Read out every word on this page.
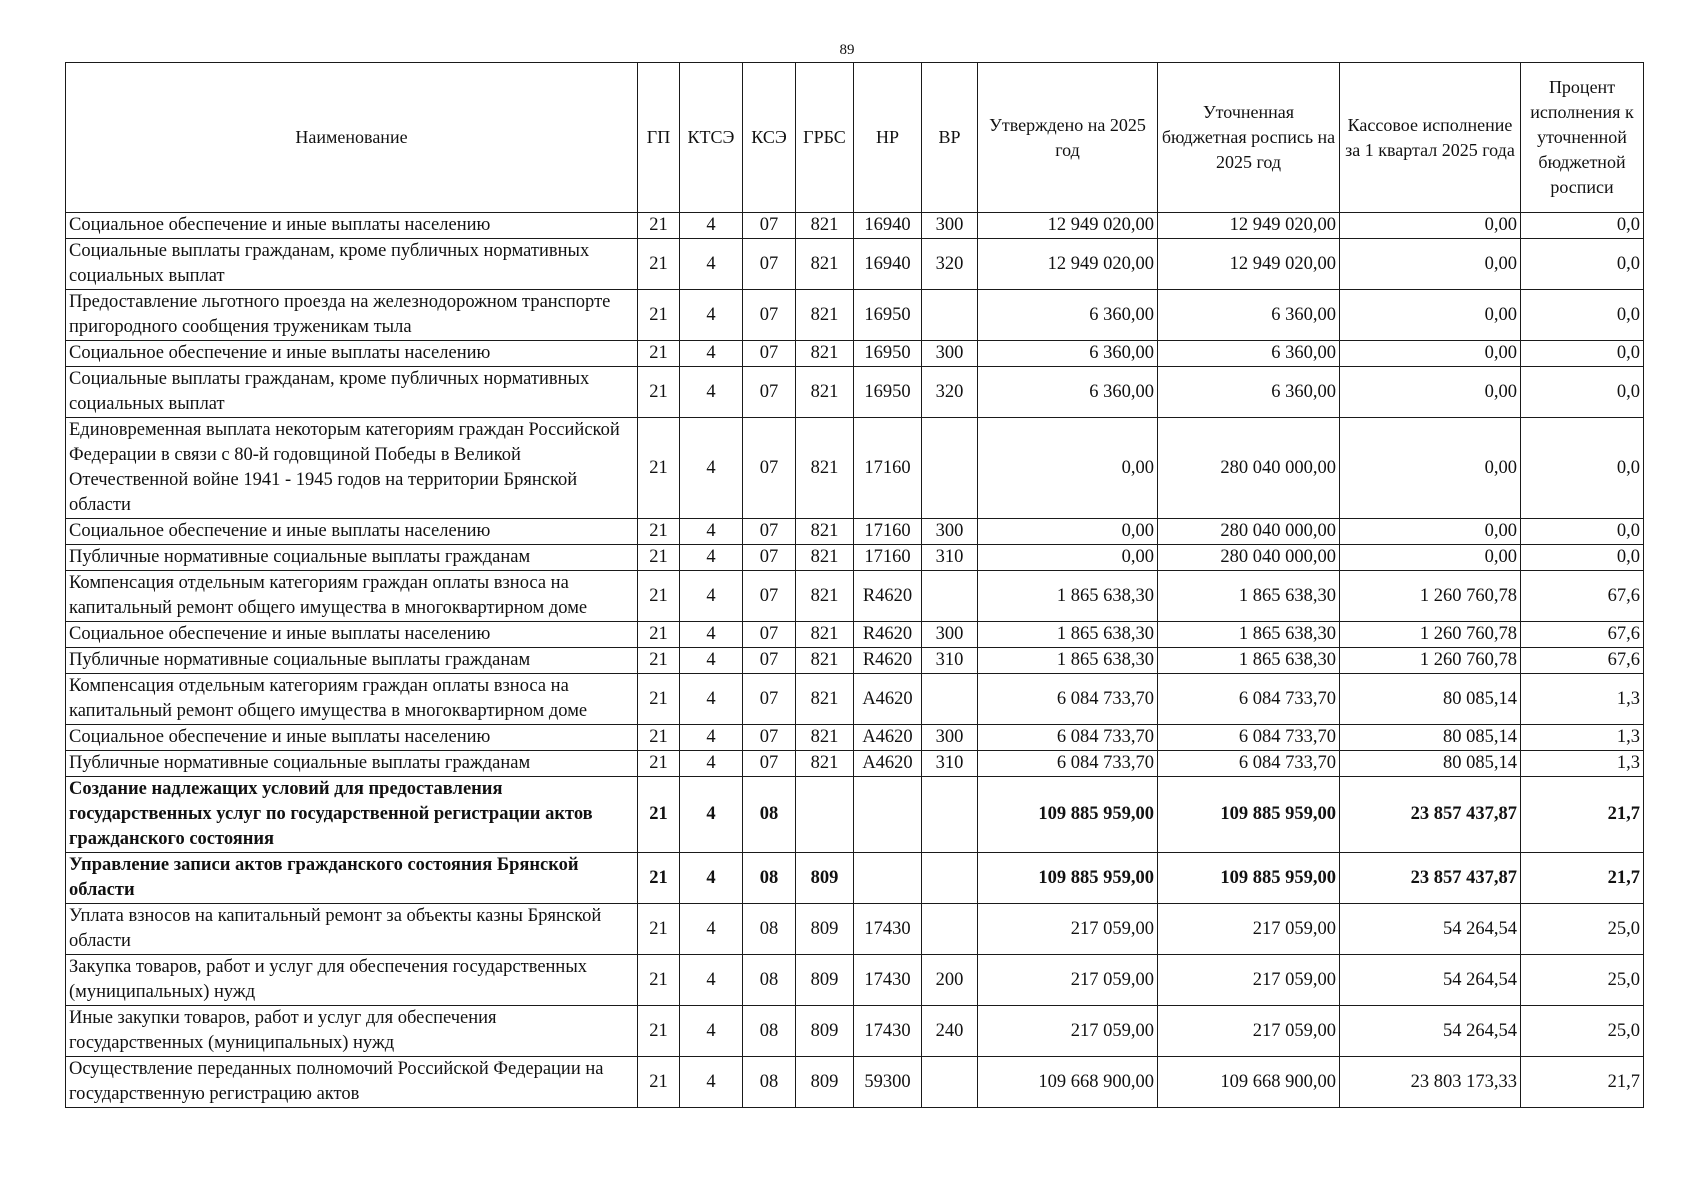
89
Наименование	ГП	КТСЭ	КСЭ	ГРБС	НР	ВР	Утверждено на 2025 год	Уточненная бюджетная роспись на 2025 год	Кассовое исполнение за 1 квартал 2025 года	Процент исполнения к уточненной бюджетной росписи
Социальное обеспечение и иные выплаты населению	21	4	07	821	16940	300	12 949 020,00	12 949 020,00	0,00	0,0
Социальные выплаты гражданам, кроме публичных нормативных социальных выплат	21	4	07	821	16940	320	12 949 020,00	12 949 020,00	0,00	0,0
Предоставление льготного проезда на железнодорожном транспорте пригородного сообщения труженикам тыла	21	4	07	821	16950		6 360,00	6 360,00	0,00	0,0
Социальное обеспечение и иные выплаты населению	21	4	07	821	16950	300	6 360,00	6 360,00	0,00	0,0
Социальные выплаты гражданам, кроме публичных нормативных социальных выплат	21	4	07	821	16950	320	6 360,00	6 360,00	0,00	0,0
Единовременная выплата некоторым категориям граждан Российской Федерации в связи с 80-й годовщиной Победы в Великой Отечественной войне 1941 - 1945 годов на территории Брянской области	21	4	07	821	17160		0,00	280 040 000,00	0,00	0,0
Социальное обеспечение и иные выплаты населению	21	4	07	821	17160	300	0,00	280 040 000,00	0,00	0,0
Публичные нормативные социальные выплаты гражданам	21	4	07	821	17160	310	0,00	280 040 000,00	0,00	0,0
Компенсация отдельным категориям граждан оплаты взноса на капитальный ремонт общего имущества в многоквартирном доме	21	4	07	821	R4620		1 865 638,30	1 865 638,30	1 260 760,78	67,6
Социальное обеспечение и иные выплаты населению	21	4	07	821	R4620	300	1 865 638,30	1 865 638,30	1 260 760,78	67,6
Публичные нормативные социальные выплаты гражданам	21	4	07	821	R4620	310	1 865 638,30	1 865 638,30	1 260 760,78	67,6
Компенсация отдельным категориям граждан оплаты взноса на капитальный ремонт общего имущества в многоквартирном доме	21	4	07	821	А4620		6 084 733,70	6 084 733,70	80 085,14	1,3
Социальное обеспечение и иные выплаты населению	21	4	07	821	А4620	300	6 084 733,70	6 084 733,70	80 085,14	1,3
Публичные нормативные социальные выплаты гражданам	21	4	07	821	А4620	310	6 084 733,70	6 084 733,70	80 085,14	1,3
Создание надлежащих условий для предоставления государственных услуг по государственной регистрации актов гражданского состояния	21	4	08				109 885 959,00	109 885 959,00	23 857 437,87	21,7
Управление записи актов гражданского состояния Брянской области	21	4	08	809			109 885 959,00	109 885 959,00	23 857 437,87	21,7
Уплата взносов на капитальный ремонт за объекты казны Брянской области	21	4	08	809	17430		217 059,00	217 059,00	54 264,54	25,0
Закупка товаров, работ и услуг для обеспечения государственных (муниципальных) нужд	21	4	08	809	17430	200	217 059,00	217 059,00	54 264,54	25,0
Иные закупки товаров, работ и услуг для обеспечения государственных (муниципальных) нужд	21	4	08	809	17430	240	217 059,00	217 059,00	54 264,54	25,0
Осуществление переданных полномочий Российской Федерации на государственную регистрацию актов	21	4	08	809	59300		109 668 900,00	109 668 900,00	23 803 173,33	21,7
